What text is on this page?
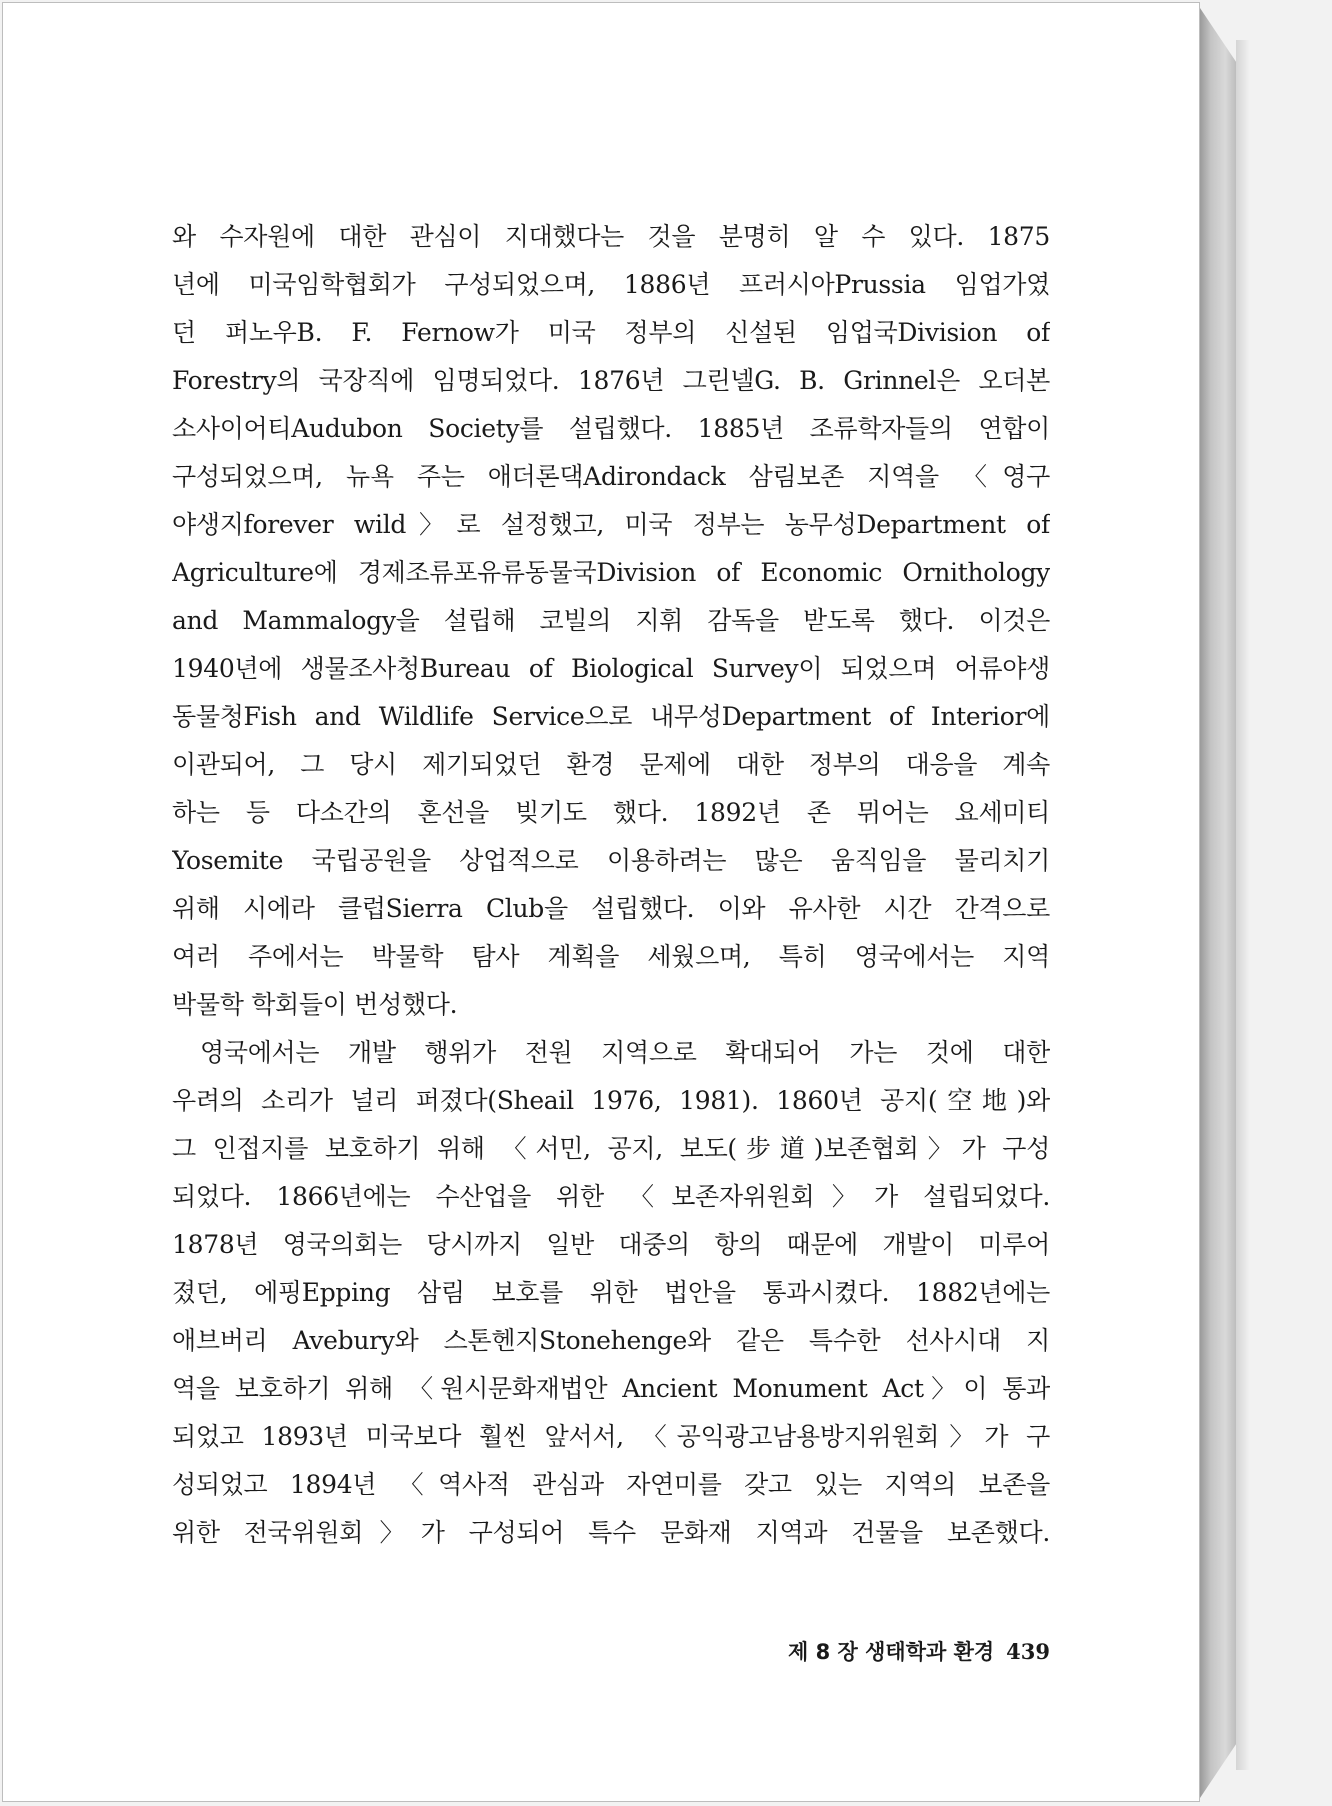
와 수자원에 대한 관심이 지대했다는 것을 분명히 알 수 있다. 1875
년에 미국임학협회가 구성되었으며, 1886년 프러시아Prussia 임업가였
던 퍼노우B. F. Fernow가 미국 정부의 신설된 임업국Division of
Forestry의 국장직에 임명되었다. 1876년 그린넬G. B. Grinnel은 오더본
소사이어티Audubon Society를 설립했다. 1885년 조류학자들의 연합이
구성되었으며, 뉴욕 주는 애더론댁Adirondack 삼림보존 지역을 〈영구
야생지forever wild〉로 설정했고, 미국 정부는 농무성Department of
Agriculture에 경제조류포유류동물국Division of Economic Ornithology
and Mammalogy을 설립해 코빌의 지휘 감독을 받도록 했다. 이것은
1940년에 생물조사청Bureau of Biological Survey이 되었으며 어류야생
동물청Fish and Wildlife Service으로 내무성Department of Interior에
이관되어, 그 당시 제기되었던 환경 문제에 대한 정부의 대응을 계속
하는 등 다소간의 혼선을 빚기도 했다. 1892년 존 뮈어는 요세미티
Yosemite 국립공원을 상업적으로 이용하려는 많은 움직임을 물리치기
위해 시에라 클럽Sierra Club을 설립했다. 이와 유사한 시간 간격으로
여러 주에서는 박물학 탐사 계획을 세웠으며, 특히 영국에서는 지역
박물학 학회들이 번성했다.
영국에서는 개발 행위가 전원 지역으로 확대되어 가는 것에 대한
우려의 소리가 널리 퍼졌다(Sheail 1976, 1981). 1860년 공지(空地)와
그 인접지를 보호하기 위해 〈서민, 공지, 보도(步道)보존협회〉가 구성
되었다. 1866년에는 수산업을 위한 〈보존자위원회〉가 설립되었다.
1878년 영국의회는 당시까지 일반 대중의 항의 때문에 개발이 미루어
졌던, 에핑Epping 삼림 보호를 위한 법안을 통과시켰다. 1882년에는
애브버리 Avebury와 스톤헨지Stonehenge와 같은 특수한 선사시대 지
역을 보호하기 위해 〈원시문화재법안 Ancient Monument Act〉이 통과
되었고 1893년 미국보다 훨씬 앞서서, 〈공익광고남용방지위원회〉가 구
성되었고 1894년 〈역사적 관심과 자연미를 갖고 있는 지역의 보존을
위한 전국위원회〉가 구성되어 특수 문화재 지역과 건물을 보존했다.
제 8 장 생태학과 환경 439
